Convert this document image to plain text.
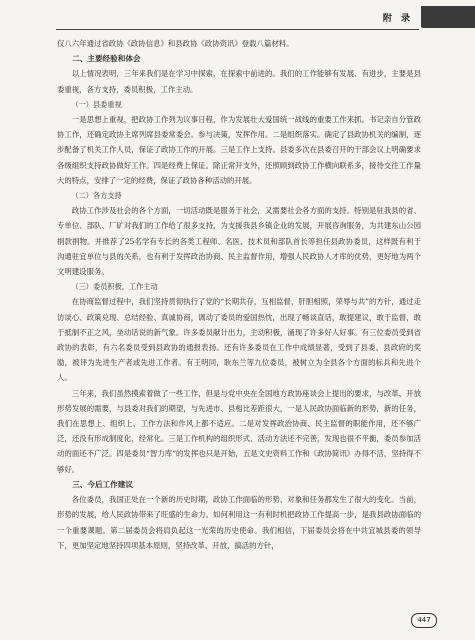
附 录

仅八六年通过省政协《政协信息》和县政协《政协资讯》登载八篇材料。

二、主要经验和体会

以上情况表明，三年来我们是在学习中探索，在探索中前进的。我们的工作能够有发展、有进步，主要是县委重视，各方支持，委员积极，工作主动。

（一）县委重视

一是思想上重视，把政协工作列为议事日程，作为发展壮大爱国统一战线的重要工作来抓。书记亲自分管政协工作，还确定政协主席列席县委常委会。参与决策，发挥作用。二是组织落实。确定了县政协机关的编制，逐步配备了机关工作人员，保证了政协工作的开展。三是工作上支持。县委多次在县委召开的干部会议上明确要求各级组织支持政协做好工作。四是经费上保证。除正常开支外，还照顾到政协工作横向联系多，接待交往工作量大的特点，安排了一定的经费，保证了政协各种活动的开展。

（二）各方支持

政协工作涉及社会的各个方面，一切活动既是服务于社会，又需要社会各方面的支持。特别是驻我县的省、专单位、部队、厂矿对我们的工作给了很多支持，为支援我县乡镇企业的发展，开展咨询服务，为共建东山公园捐款捐物。并推荐了25名学有专长的各类工程师、名医、技术员和部队首长等担任县政协委员，这样既有利于沟通驻宜单位与县的关系，也有利于发挥政治协商、民主监督作用，增强人民政协人才库的优势，更好地为两个文明建设服务。

（三）委员积极，工作主动

在协商监督过程中，我们坚持贯彻执行了党的“长期共存，互相监督，肝胆相照，荣辱与共”的方针，通过走访谈心、政策兑现、总结经验、真诚协商，调动了委员的爱国热忱，出现了畅谈直话，敢提建议，敢于监督，敢于抵制不正之风，坐动话说的新气象。许多委员献计出力，主动积极，涌现了许多好人好事。有三位委员受到省政协的表彰，有六名委员受到县政协的通报表扬。还有许多委员在工作中成绩显著，受到了县委、县政府的奖励，被评为先进生产者或先进工作者。有王明同，耿东兰等九位委员，被树立为全县各个方面的标兵和先进个人。

三年来，我们虽然摸索着做了一些工作，但是与党中央在全国地方政协座谈会上提出的要求，与改革、开放形势发展的需要，与县委对我们的期望，与先进市、县相比差距很大，一是人民政协面临新的形势，新的任务，我们在思想上、组织上、工作方法和作风上都不适应。二是对发挥政治协商、民主监督的职能作用，还不够广泛，还没有形成制度化，经常化。三是工作机构的组织形式、活动方法还不完善，发现也很不平衡，委员参加活动的面还不广泛。四是委员“智力库”的发挥也只是开始，五是文史资料工作和《政协简讯》办得不活，坚持得不够好。

三、今后工作建议

各位委员，我国正处在一个新的历史时期，政协工作面临的形势、对象和任务都发生了很大的变化。当前，形势的发展，给人民政协带来了旺盛的生命力。如何利用这一有利时机把政协工作提高一步，是我县政协面临的一个重要课题。第二届委员会将肩负起这一光荣的历史使命。我们相信，下届委员会将在中共宜城县委的领导下，更加坚定地坚持四项基本原则，坚持改革、开放、搞活的方针，

447
